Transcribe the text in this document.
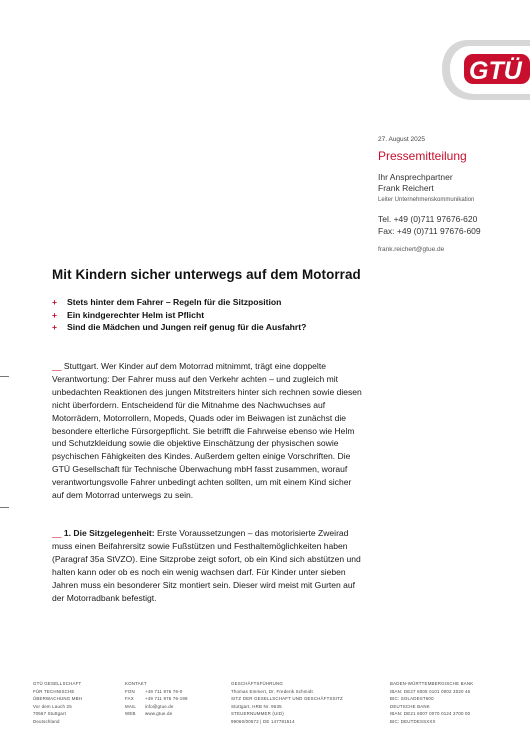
GTÜ
27. August 2025
Pressemitteilung
Ihr Ansprechpartner
Frank Reichert
Leiter Unternehmenskommunikation
Tel. +49 (0)711 97676-620
Fax: +49 (0)711 97676-609
frank.reichert@gtue.de
Mit Kindern sicher unterwegs auf dem Motorrad
+ Stets hinter dem Fahrer – Regeln für die Sitzposition
+ Ein kindgerechter Helm ist Pflicht
+ Sind die Mädchen und Jungen reif genug für die Ausfahrt?

__ Stuttgart. Wer Kinder auf dem Motorrad mitnimmt, trägt eine doppelte Verantwortung: Der Fahrer muss auf den Verkehr achten – und zugleich mit unbedachten Reaktionen des jungen Mitstreiters hinter sich rechnen sowie diesen nicht überfordern. Entscheidend für die Mitnahme des Nachwuchses auf Motorrädern, Motorrollern, Mopeds, Quads oder im Beiwagen ist zunächst die besondere elterliche Fürsorgepflicht. Sie betrifft die Fahrweise ebenso wie Helm und Schutzkleidung sowie die objektive Einschätzung der physischen sowie psychischen Fähigkeiten des Kindes. Außerdem gelten einige Vorschriften. Die GTÜ Gesellschaft für Technische Überwachung mbH fasst zusammen, worauf verantwortungsvolle Fahrer unbedingt achten sollten, um mit einem Kind sicher auf dem Motorrad unterwegs zu sein.

__ 1. Die Sitzgelegenheit: Erste Voraussetzungen – das motorisierte Zweirad muss einen Beifahrersitz sowie Fußstützen und Festhaltemöglichkeiten haben (Paragraf 35a StVZO). Eine Sitzprobe zeigt sofort, ob ein Kind sich abstützen und halten kann oder ob es noch ein wenig wachsen darf. Für Kinder unter sieben Jahren muss ein besonderer Sitz montiert sein. Dieser wird meist mit Gurten auf der Motorradbank befestigt.

GTÜ GESELLSCHAFT
FÜR TECHNISCHE
ÜBERWACHUNG MBH
Vor dem Lauch 25
70567 Stuttgart
Deutschland
KONTAKT
FON +49 711 976 76-0
FAX	+49 711 976 76-199
MAIL info@gtue.de
WEB www.gtue.de
GESCHÄFTSFÜHRUNG
Thomas Emmert, Dr. Frederik Schmidt
SITZ DER GESELLSCHAFT UND GESCHÄFTSSITZ
Stuttgart, HRB Nr. 9635
STEUERNUMMER (UID)
99060/00572 | DE 147781514
BADEN-WÜRTTEMBERGISCHE BANK
IBAN: DE27 6005 0101 0002 3020 46
BIC: SOLADEST600
DEUTSCHE BANK
IBAN: DE21 6007 0070 0124 3700 00
BIC: DEUTDESSXXX
